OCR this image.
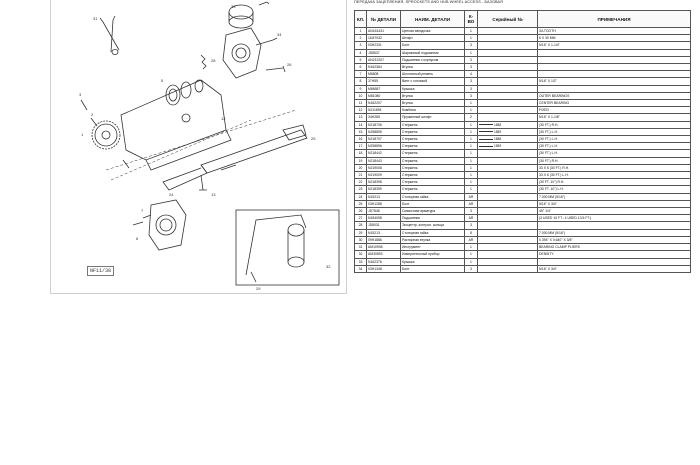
31
33
34
28
26
5
3
2
1
12
25
24	13
7
6
29
32
NF11/38
ПЕРЕДАЧА ЗАЦЕПЛЕНИЯ, SPROCKETS AND HUB WHEEL ACCESS - БАЗОВАЯ
КЛ.	№ ДЕТАЛИ	НАИМ. ДЕТАЛИ	К-ВО	Серийный №	ПРИМЕЧАНИЯ
1	AN161431	Цепная звездочка	1		34-TOOTH
2	11M7032	Штифт	1		6 X 30 MM
3	03H2331	Болт	3		5/16" X 1-1/4"
4	JD8537	Шариковый подшипник	1		
5	AN212207	Подшипник с корпусом	3		
6	N162384	Втулка	3		
7	M6808	Шпоночный ремень	4		
8	37H55	Винт с головкой	3		5/16" X 1/2"
9	M86587	Крышка	3		
10	M81080	Втулка	3		OUTER BEARINGS
11	N162207	Втулка	1		CENTER BEARING
12	N211894	Комбина	1		FIXED
13	34H285	Пружинный штифт	2		5/16" X 1-1/8"
14	N218706	Стержень	1	1588	(30 FT.) R.H.
15	N258855	Стержень	1	1589	(30 FT.) L.H.
16	N218707	Стержень	1	1588	(30 FT.) L.H.
17	N258856	Стержень	1	1589	(30 FT.) L.H.
18	N218442	Стержень	1		(30 FT.) L.H.
19	N218443	Стержень	1		(30 FT.) R.H.
20	N219008	Стержень	1		33 X 6 (30 FT.) R.H.
21	N219009	Стержень	1		33 X 6 (30 FT.) L.H.
22	N218398	Стержень	1		(30 FT. 10") R.H.
23	N218399	Стержень	1		(30 FT. 10") L.H.
24	N15213	Стопорная гайка	AR		7.000 MM (5/16")
25	03H1288	Болт	AR		5/16" X 3/4"
26	JD7848	Смазочная арматура	3		45° 1/4"
27	N184058	Подшипник	AR		(3 USED 10 FT.; 4 USED 13.5 FT.)
28	JD8031	Эксцентр. контрол. кольца	3		
29	N15213	Стопорная гайка	8		7.000 MM (5/16")
30	09H1886	Распорная втулка	AR		0.394" X 0.640" X 3/8"
31	AM10908	Инструмент	1		BEARING CLAMP PLIERS
32	AM30893	Измерительный прибор	1		DENSITY
33	N162376	Крышка	1		
34	03H1348	Болт	3		5/16" X 3/4"
